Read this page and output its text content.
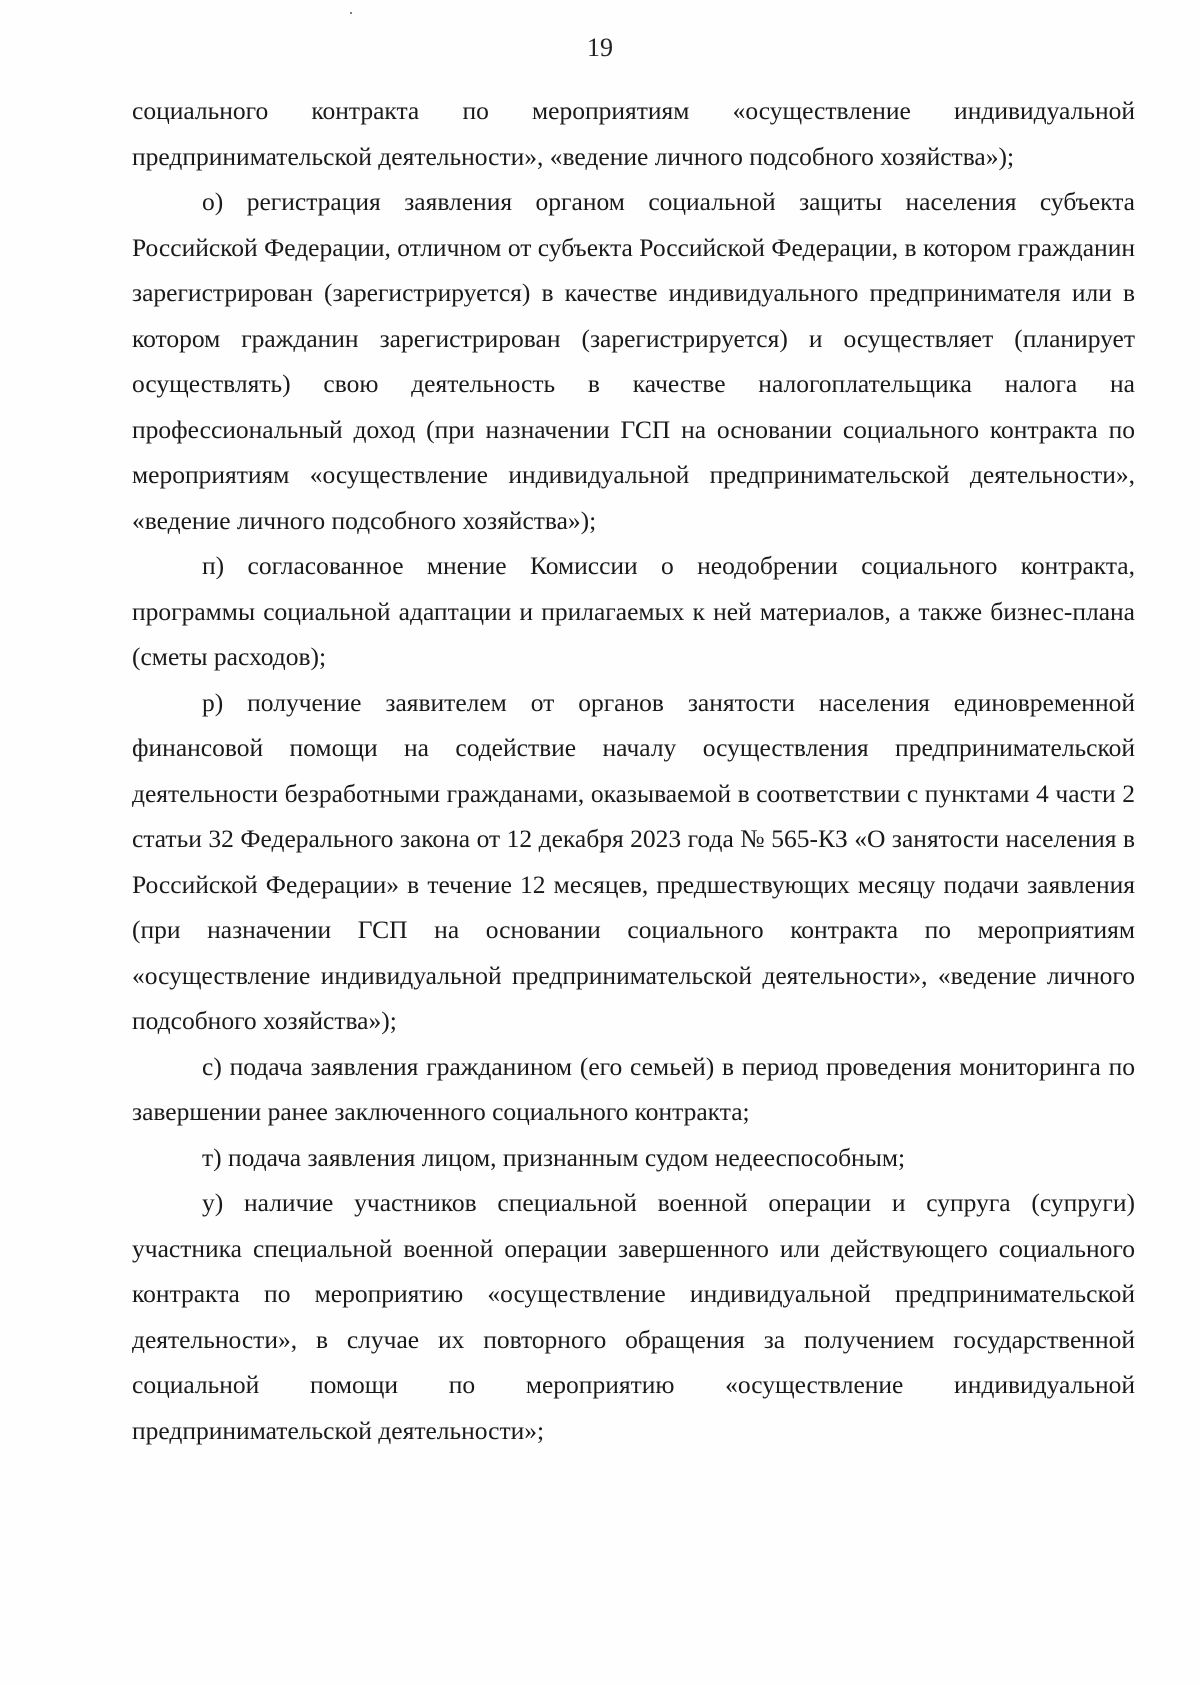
19

социального контракта по мероприятиям «осуществление индивидуальной предпринимательской деятельности», «ведение личного подсобного хозяйства»);

о) регистрация заявления органом социальной защиты населения субъекта Российской Федерации, отличном от субъекта Российской Федерации, в котором гражданин зарегистрирован (зарегистрируется) в качестве индивидуального предпринимателя или в котором гражданин зарегистрирован (зарегистрируется) и осуществляет (планирует осуществлять) свою деятельность в качестве налогоплательщика налога на профессиональный доход (при назначении ГСП на основании социального контракта по мероприятиям «осуществление индивидуальной предпринимательской деятельности», «ведение личного подсобного хозяйства»);

п) согласованное мнение Комиссии о неодобрении социального контракта, программы социальной адаптации и прилагаемых к ней материалов, а также бизнес-плана (сметы расходов);

р) получение заявителем от органов занятости населения единовременной финансовой помощи на содействие началу осуществления предпринимательской деятельности безработными гражданами, оказываемой в соответствии с пунктами 4 части 2 статьи 32 Федерального закона от 12 декабря 2023 года № 565-КЗ «О занятости населения в Российской Федерации» в течение 12 месяцев, предшествующих месяцу подачи заявления (при назначении ГСП на основании социального контракта по мероприятиям «осуществление индивидуальной предпринимательской деятельности», «ведение личного подсобного хозяйства»);

с) подача заявления гражданином (его семьей) в период проведения мониторинга по завершении ранее заключенного социального контракта;

т) подача заявления лицом, признанным судом недееспособным;

у) наличие участников специальной военной операции и супруга (супруги) участника специальной военной операции завершенного или действующего социального контракта по мероприятию «осуществление индивидуальной предпринимательской деятельности», в случае их повторного обращения за получением государственной социальной помощи по мероприятию «осуществление индивидуальной предпринимательской деятельности»;
